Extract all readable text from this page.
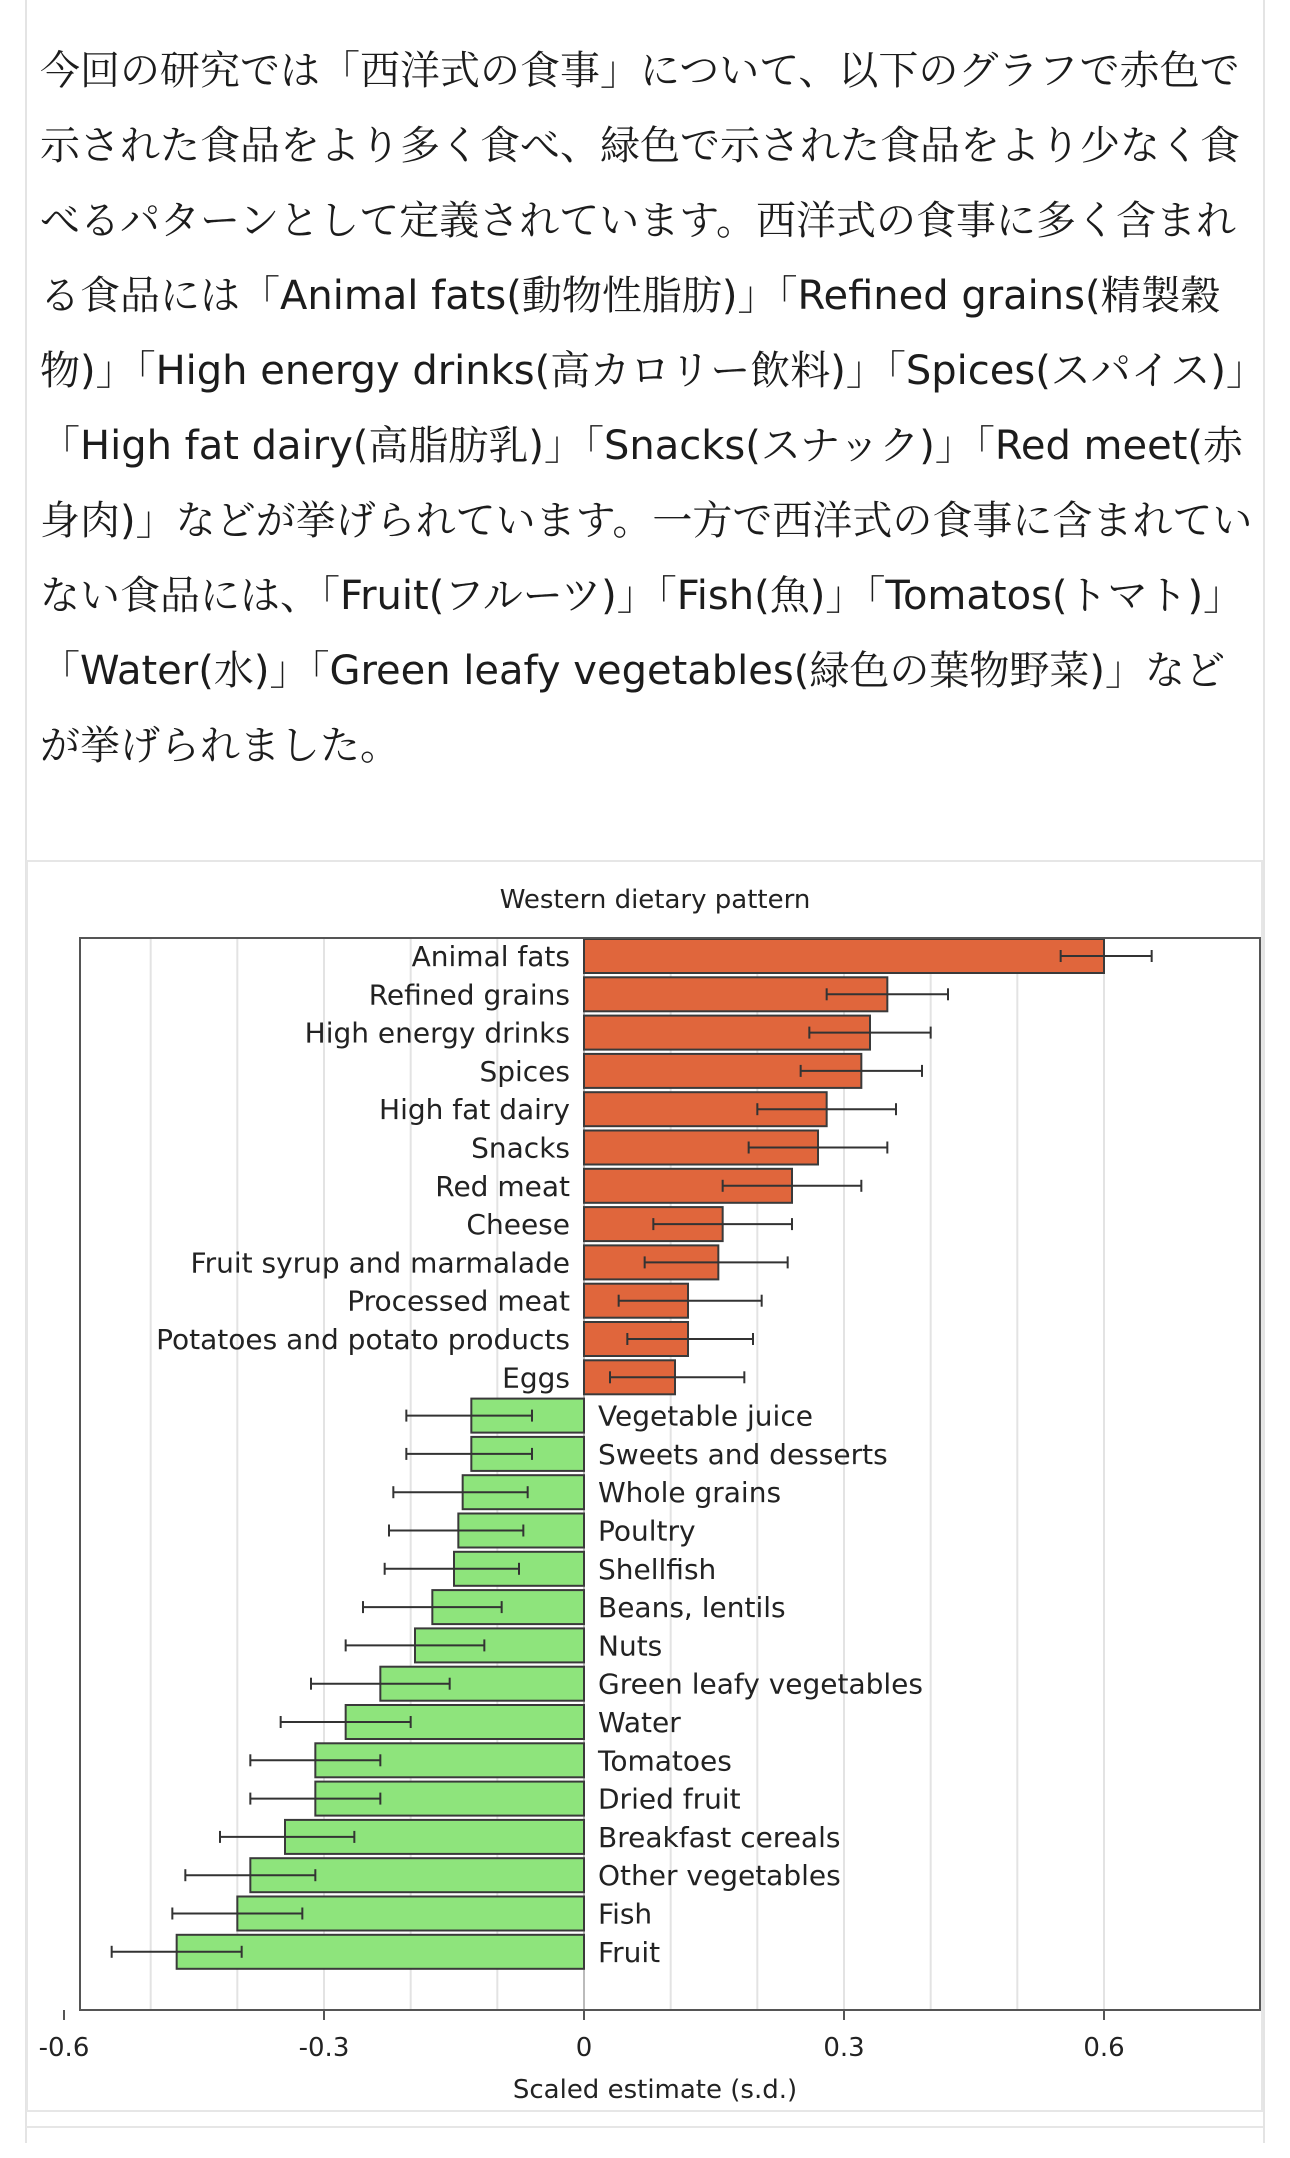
今回の研究では「西洋式の食事」について、以下のグラフで赤色で示された食品をより多く食べ、緑色で示された食品をより少なく食べるパターンとして定義されています。西洋式の食事に多く含まれる食品には「Animal fats(動物性脂肪)」「Refined grains(精製穀物)」「High energy drinks(高カロリー飲料)」「Spices(スパイス)」「High fat dairy(高脂肪乳)」「Snacks(スナック)」「Red meet(赤身肉)」などが挙げられています。一方で西洋式の食事に含まれていない食品には、「Fruit(フルーツ)」「Fish(魚)」「Tomatos(トマト)」「Water(水)」「Green leafy vegetables(緑色の葉物野菜)」などが挙げられました。

Western dietary pattern
Animal fats
Refined grains
High energy drinks
Spices
High fat dairy
Snacks
Red meat
Cheese
Fruit syrup and marmalade
Processed meat
Potatoes and potato products
Eggs
Vegetable juice
Sweets and desserts
Whole grains
Poultry
Shellfish
Beans, lentils
Nuts
Green leafy vegetables
Water
Tomatoes
Dried fruit
Breakfast cereals
Other vegetables
Fish
Fruit
-0.6	-0.3	0	0.3	0.6
Scaled estimate (s.d.)
